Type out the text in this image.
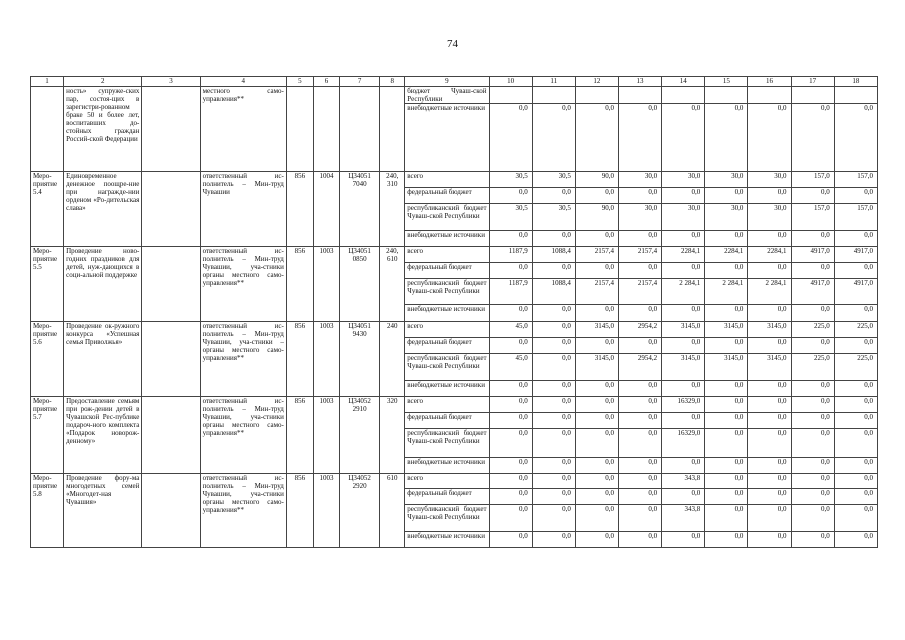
74
1	2	3	4	5	6	7	8	9	10	11	12	13	14	15	16	17	18
	ность» супруже-ских пар, состоя-щих в зарегистри-рованном браке 50 и более лет, воспитавших до-стойных граждан Россий-ской Федерации		местного само-управления**					бюджет Чуваш-ской Республики									
								внебюджетные источники	0,0	0,0	0,0	0,0	0,0	0,0	0,0	0,0	0,0
Меро-приятие 5.4	Единовременное денежное поощре-ние при награжде-нии орденом «Ро-дительская слава»		ответственный ис-полнитель – Мин-труд Чувашии	856	1004	Ц34051 7040	240, 310	всего	30,5	30,5	90,0	30,0	30,0	30,0	30,0	157,0	157,0
								федеральный бюджет	0,0	0,0	0,0	0,0	0,0	0,0	0,0	0,0	0,0
								республиканский бюджет Чуваш-ской Республики	30,5	30,5	90,0	30,0	30,0	30,0	30,0	157,0	157,0
								внебюджетные источники	0,0	0,0	0,0	0,0	0,0	0,0	0,0	0,0	0,0
Меро-приятие 5.5	Проведение ново-годних праздников для детей, нуж-дающихся в соци-альной поддержке		ответственный ис-полнитель – Мин-труд Чувашии, уча-стники органы местного само-управления**	856	1003	Ц34051 0850	240, 610	всего	1187,9	1088,4	2157,4	2157,4	2284,1	2284,1	2284,1	4917,0	4917,0
								федеральный бюджет	0,0	0,0	0,0	0,0	0,0	0,0	0,0	0,0	0,0
								республиканский бюджет Чуваш-ской Республики	1187,9	1088,4	2157,4	2157,4	2 284,1	2 284,1	2 284,1	4917,0	4917,0
								внебюджетные источники	0,0	0,0	0,0	0,0	0,0	0,0	0,0	0,0	0,0
Меро-приятие 5.6	Проведение ок-ружного конкурса «Успешная семья Приволжья»		ответственный ис-полнитель – Мин-труд Чувашии, уча-стники – органы местного само-управления**	856	1003	Ц34051 9430	240	всего	45,0	0,0	3145,0	2954,2	3145,0	3145,0	3145,0	225,0	225,0
								федеральный бюджет	0,0	0,0	0,0	0,0	0,0	0,0	0,0	0,0	0,0
								республиканский бюджет Чуваш-ской Республики	45,0	0,0	3145,0	2954,2	3145,0	3145,0	3145,0	225,0	225,0
								внебюджетные источники	0,0	0,0	0,0	0,0	0,0	0,0	0,0	0,0	0,0
Меро-приятие 5.7	Предоставление семьям при рож-дении детей в Чувашской Рес-публике подароч-ного комплекта «Подарок новорож-денному»		ответственный ис-полнитель – Мин-труд Чувашии, уча-стники органы местного само-управления**	856	1003	Ц34052 2910	320	всего	0,0	0,0	0,0	0,0	16329,0	0,0	0,0	0,0	0,0
								федеральный бюджет	0,0	0,0	0,0	0,0	0,0	0,0	0,0	0,0	0,0
								республиканский бюджет Чуваш-ской Республики	0,0	0,0	0,0	0,0	16329,0	0,0	0,0	0,0	0,0
								внебюджетные источники	0,0	0,0	0,0	0,0	0,0	0,0	0,0	0,0	0,0
Меро-приятие 5.8	Проведение фору-ма многодетных семей «Многодет-ная Чувашия»		ответственный ис-полнитель – Мин-труд Чувашии, уча-стники органы местного само-управления**	856	1003	Ц34052 2920	610	всего	0,0	0,0	0,0	0,0	343,8	0,0	0,0	0,0	0,0
								федеральный бюджет	0,0	0,0	0,0	0,0	0,0	0,0	0,0	0,0	0,0
								республиканский бюджет Чуваш-ской Республики	0,0	0,0	0,0	0,0	343,8	0,0	0,0	0,0	0,0
								внебюджетные источники	0,0	0,0	0,0	0,0	0,0	0,0	0,0	0,0	0,0
